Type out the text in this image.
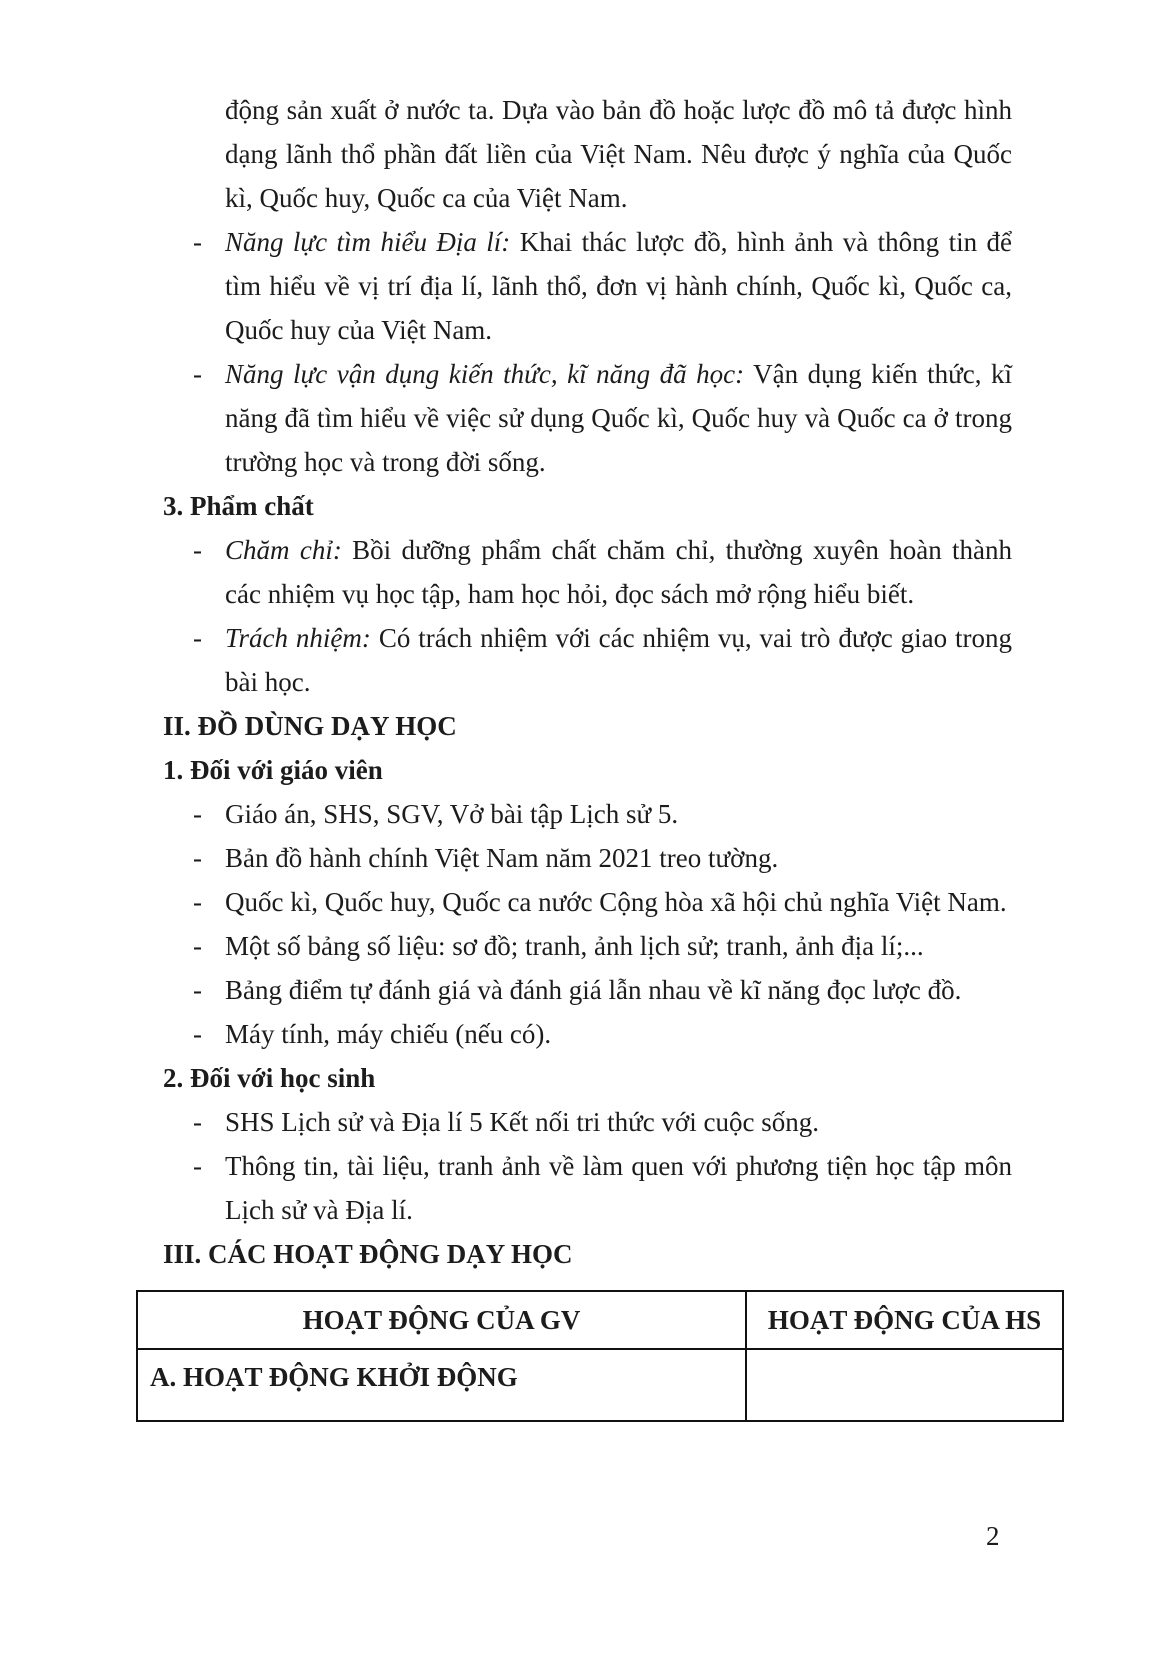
động sản xuất ở nước ta. Dựa vào bản đồ hoặc lược đồ mô tả được hình dạng lãnh thổ phần đất liền của Việt Nam. Nêu được ý nghĩa của Quốc kì, Quốc huy, Quốc ca của Việt Nam.

- Năng lực tìm hiểu Địa lí: Khai thác lược đồ, hình ảnh và thông tin để tìm hiểu về vị trí địa lí, lãnh thổ, đơn vị hành chính, Quốc kì, Quốc ca, Quốc huy của Việt Nam.
- Năng lực vận dụng kiến thức, kĩ năng đã học: Vận dụng kiến thức, kĩ năng đã tìm hiểu về việc sử dụng Quốc kì, Quốc huy và Quốc ca ở trong trường học và trong đời sống.
3. Phẩm chất
- Chăm chỉ: Bồi dưỡng phẩm chất chăm chỉ, thường xuyên hoàn thành các nhiệm vụ học tập, ham học hỏi, đọc sách mở rộng hiểu biết.
- Trách nhiệm: Có trách nhiệm với các nhiệm vụ, vai trò được giao trong bài học.
II. ĐỒ DÙNG DẠY HỌC
1. Đối với giáo viên
- Giáo án, SHS, SGV, Vở bài tập Lịch sử 5.
- Bản đồ hành chính Việt Nam năm 2021 treo tường.
- Quốc kì, Quốc huy, Quốc ca nước Cộng hòa xã hội chủ nghĩa Việt Nam.
- Một số bảng số liệu: sơ đồ; tranh, ảnh lịch sử; tranh, ảnh địa lí;...
- Bảng điểm tự đánh giá và đánh giá lẫn nhau về kĩ năng đọc lược đồ.
- Máy tính, máy chiếu (nếu có).
2. Đối với học sinh
- SHS Lịch sử và Địa lí 5 Kết nối tri thức với cuộc sống.
- Thông tin, tài liệu, tranh ảnh về làm quen với phương tiện học tập môn Lịch sử và Địa lí.
III. CÁC HOẠT ĐỘNG DẠY HỌC
HOẠT ĐỘNG CỦA GV	HOẠT ĐỘNG CỦA HS
A. HOẠT ĐỘNG KHỞI ĐỘNG	
2
